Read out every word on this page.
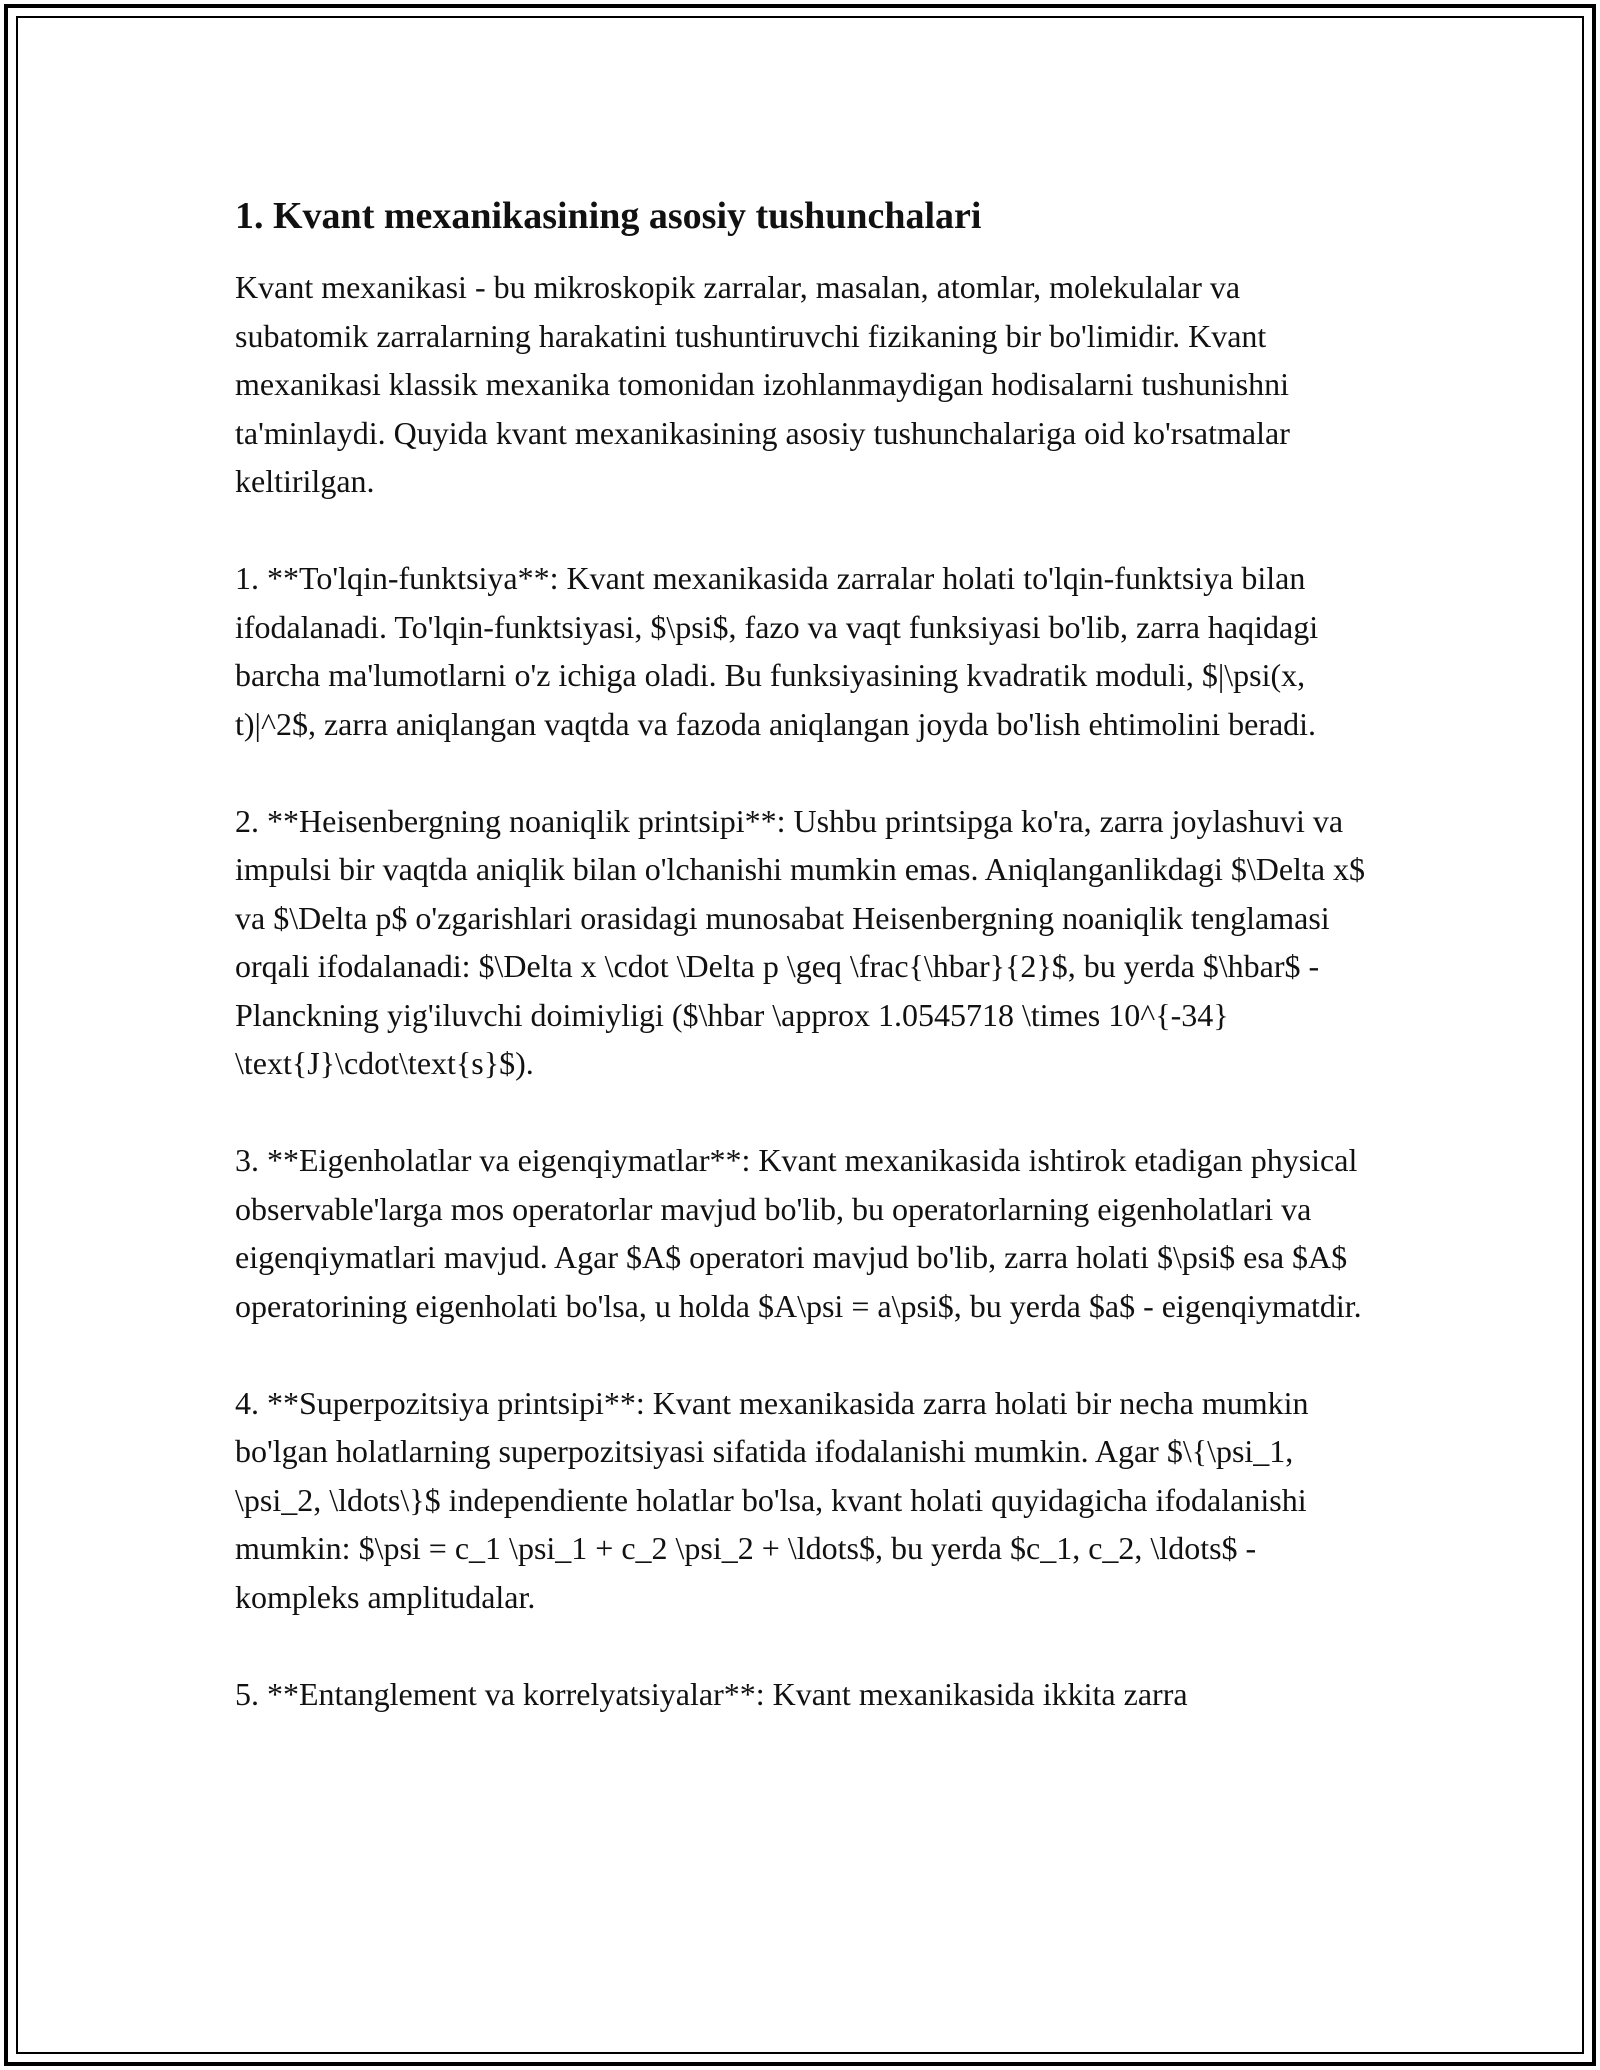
1. Kvant mexanikasining asosiy tushunchalari

Kvant mexanikasi - bu mikroskopik zarralar, masalan, atomlar, molekulalar va subatomik zarralarning harakatini tushuntiruvchi fizikaning bir bo'limidir. Kvant mexanikasi klassik mexanika tomonidan izohlanmaydigan hodisalarni tushunishni ta'minlaydi. Quyida kvant mexanikasining asosiy tushunchalariga oid ko'rsatmalar keltirilgan.

1. **To'lqin-funktsiya**: Kvant mexanikasida zarralar holati to'lqin-funktsiya bilan ifodalanadi. To'lqin-funktsiyasi, $\psi$, fazo va vaqt funksiyasi bo'lib, zarra haqidagi barcha ma'lumotlarni o'z ichiga oladi. Bu funksiyasining kvadratik moduli, $|\psi(x, t)|^2$, zarra aniqlangan vaqtda va fazoda aniqlangan joyda bo'lish ehtimolini beradi.

2. **Heisenbergning noaniqlik printsipi**: Ushbu printsipga ko'ra, zarra joylashuvi va impulsi bir vaqtda aniqlik bilan o'lchanishi mumkin emas. Aniqlanganlikdagi $\Delta x$ va $\Delta p$ o'zgarishlari orasidagi munosabat Heisenbergning noaniqlik tenglamasi orqali ifodalanadi: $\Delta x \cdot \Delta p \geq \frac{\hbar}{2}$, bu yerda $\hbar$ - Planckning yig'iluvchi doimiyligi ($\hbar \approx 1.0545718 \times 10^{-34} \text{J}\cdot\text{s}$).

3. **Eigenholatlar va eigenqiymatlar**: Kvant mexanikasida ishtirok etadigan physical observable'larga mos operatorlar mavjud bo'lib, bu operatorlarning eigenholatlari va eigenqiymatlari mavjud. Agar $A$ operatori mavjud bo'lib, zarra holati $\psi$ esa $A$ operatorining eigenholati bo'lsa, u holda $A\psi = a\psi$, bu yerda $a$ - eigenqiymatdir.

4. **Superpozitsiya printsipi**: Kvant mexanikasida zarra holati bir necha mumkin bo'lgan holatlarning superpozitsiyasi sifatida ifodalanishi mumkin. Agar $\{\psi_1, \psi_2, \ldots\}$ independiente holatlar bo'lsa, kvant holati quyidagicha ifodalanishi mumkin: $\psi = c_1 \psi_1 + c_2 \psi_2 + \ldots$, bu yerda $c_1, c_2, \ldots$ - kompleks amplitudalar.

5. **Entanglement va korrelyatsiyalar**: Kvant mexanikasida ikkita zarra
